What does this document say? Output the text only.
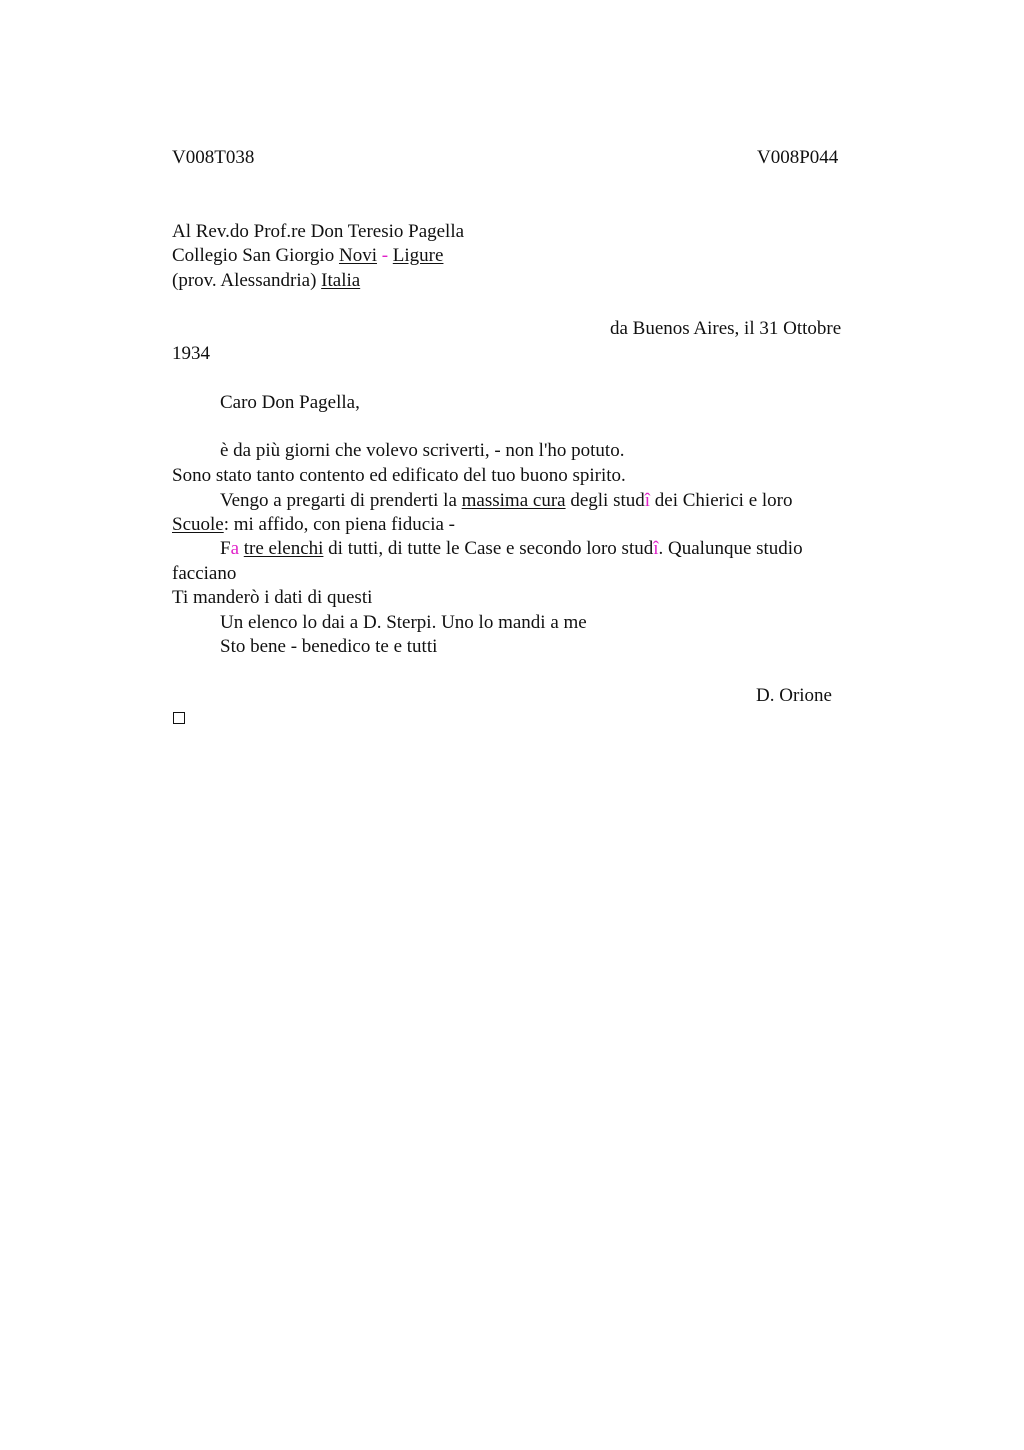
V008T038	V008P044
Al Rev.do Prof.re Don Teresio Pagella
Collegio San Giorgio Novi - Ligure
(prov. Alessandria) Italia
da Buenos Aires, il 31 Ottobre
1934
Caro Don Pagella,
è da più giorni che volevo scriverti, - non l'ho potuto.
Sono stato tanto contento ed edificato del tuo buono spirito.
Vengo a pregarti di prenderti la massima cura degli studî dei Chierici e loro
Scuole: mi affido, con piena fiducia -
Fa tre elenchi di tutti, di tutte le Case e secondo loro studî. Qualunque studio
facciano
Ti manderò i dati di questi
Un elenco lo dai a D. Sterpi. Uno lo mandi a me
Sto bene - benedico te e tutti
D. Orione
